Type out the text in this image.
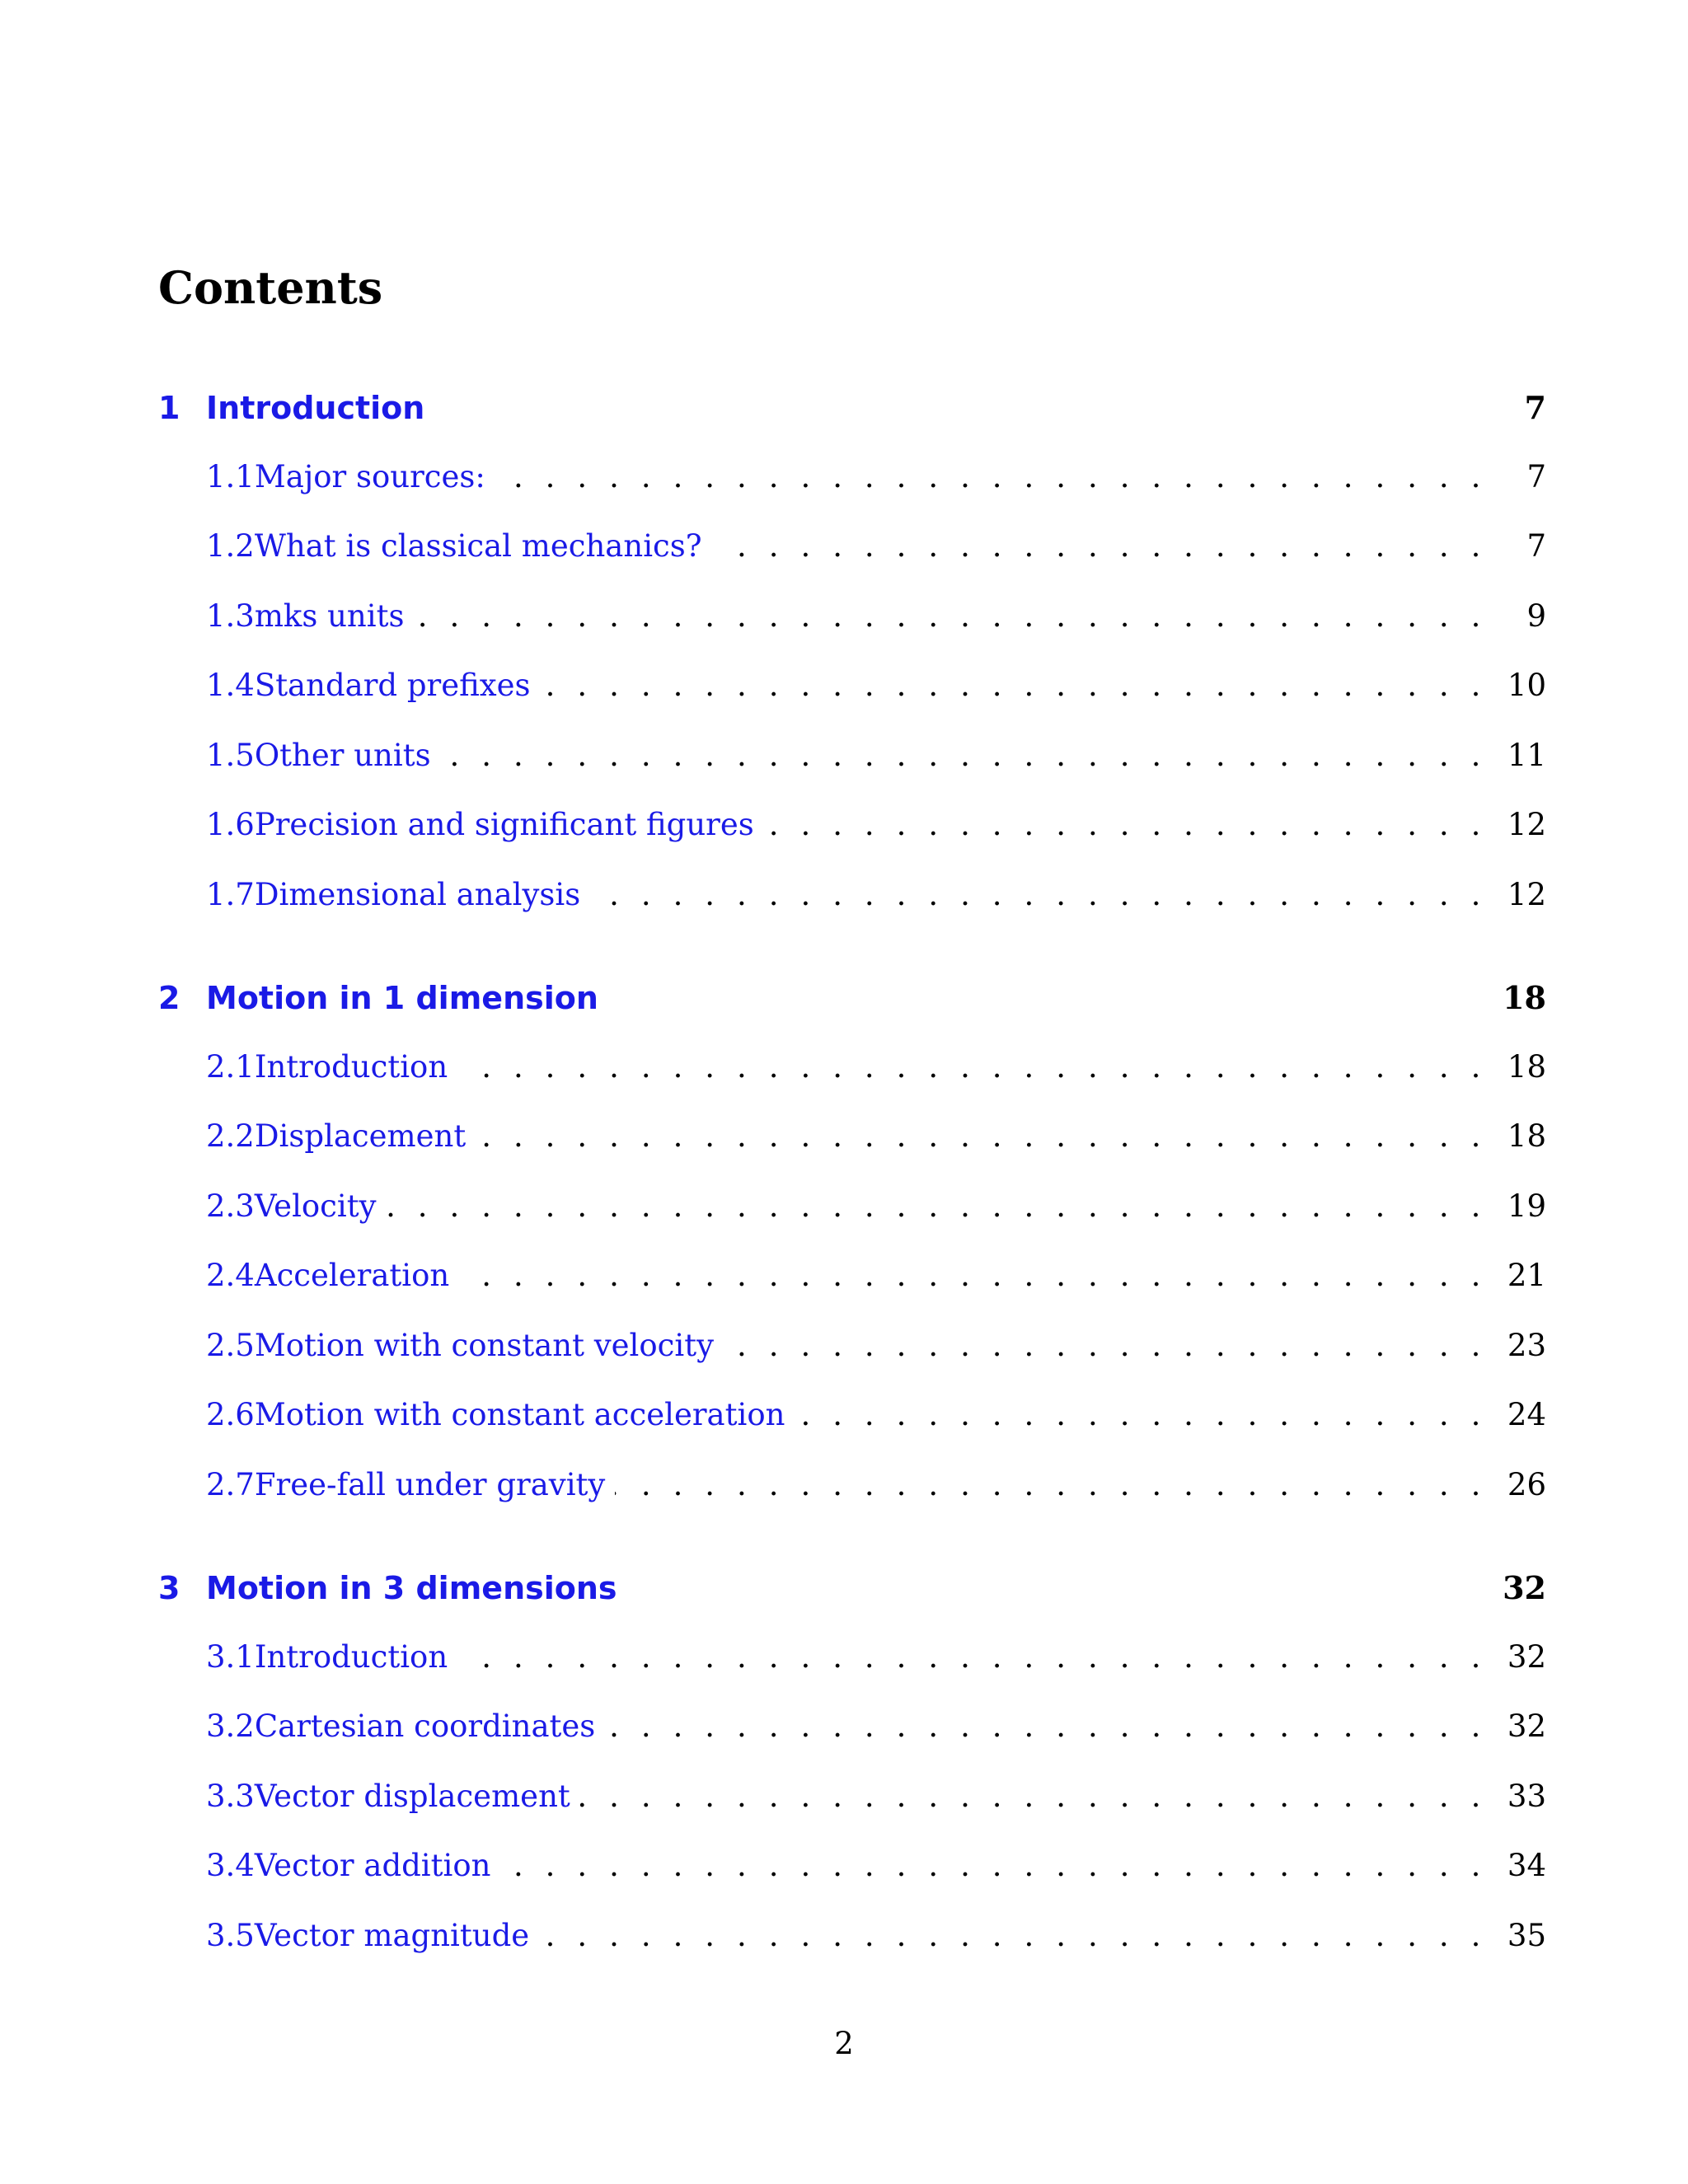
Contents
1 Introduction	7
1.1 Major sources: . . .	7
1.2 What is classical mechanics? . . .	7
1.3 mks units . . .	9
1.4 Standard prefixes . . .	10
1.5 Other units . . .	11
1.6 Precision and significant figures . . .	12
1.7 Dimensional analysis . . .	12
2 Motion in 1 dimension	18
2.1 Introduction . . .	18
2.2 Displacement . . .	18
2.3 Velocity . . .	19
2.4 Acceleration . . .	21
2.5 Motion with constant velocity . . .	23
2.6 Motion with constant acceleration . . .	24
2.7 Free-fall under gravity . . .	26
3 Motion in 3 dimensions	32
3.1 Introduction . . .	32
3.2 Cartesian coordinates . . .	32
3.3 Vector displacement . . .	33
3.4 Vector addition . . .	34
3.5 Vector magnitude . . .	35
2
